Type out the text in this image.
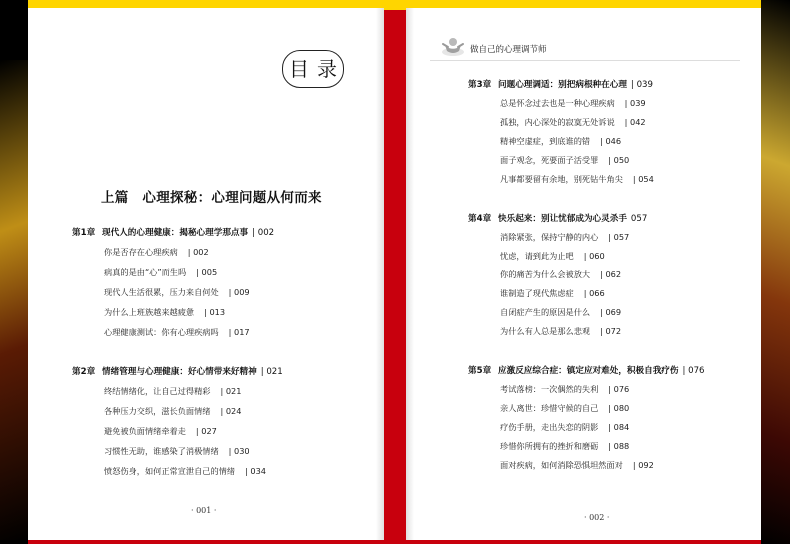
目 录
上篇　心理探秘：心理问题从何而来
第1章 现代人的心理健康：揭秘心理学那点事 | 002
你是否存在心理疾病 | 002
病真的是由“心”而生吗 | 005
现代人生活很累，压力来自何处 | 009
为什么上班族越来越疲惫 | 013
心理健康测试：你有心理疾病吗 | 017
第2章 情绪管理与心理健康：好心情带来好精神 | 021
终结情绪化，让自己过得精彩 | 021
各种压力交织，滋长负面情绪 | 024
避免被负面情绪牵着走 | 027
习惯性无助，谁感染了消极情绪 | 030
愤怒伤身，如何正常宣泄自己的情绪 | 034
· 001 ·
做自己的心理调节师
第3章 问题心理调适：别把病根种在心理 | 039
总是怀念过去也是一种心理疾病 | 039
孤独，内心深处的寂寞无处诉说 | 042
精神空虚症，到底谁的错 | 046
面子观念，死要面子活受罪 | 050
凡事都要留有余地，别死钻牛角尖 | 054
第4章 快乐起来：别让忧郁成为心灵杀手 057
消除紧张，保持宁静的内心 | 057
忧虑，请到此为止吧 | 060
你的痛苦为什么会被放大 | 062
谁制造了现代焦虑症 | 066
自闭症产生的原因是什么 | 069
为什么有人总是那么悲观 | 072
第5章 应激反应综合症：镇定应对难处，积极自我疗伤 | 076
考试落榜：一次偶然的失利 | 076
亲人离世：珍惜守候的自己 | 080
疗伤手册，走出失恋的阴影 | 084
珍惜你所拥有的挫折和磨砺 | 088
面对疾病，如何消除恐惧坦然面对 | 092
· 002 ·
